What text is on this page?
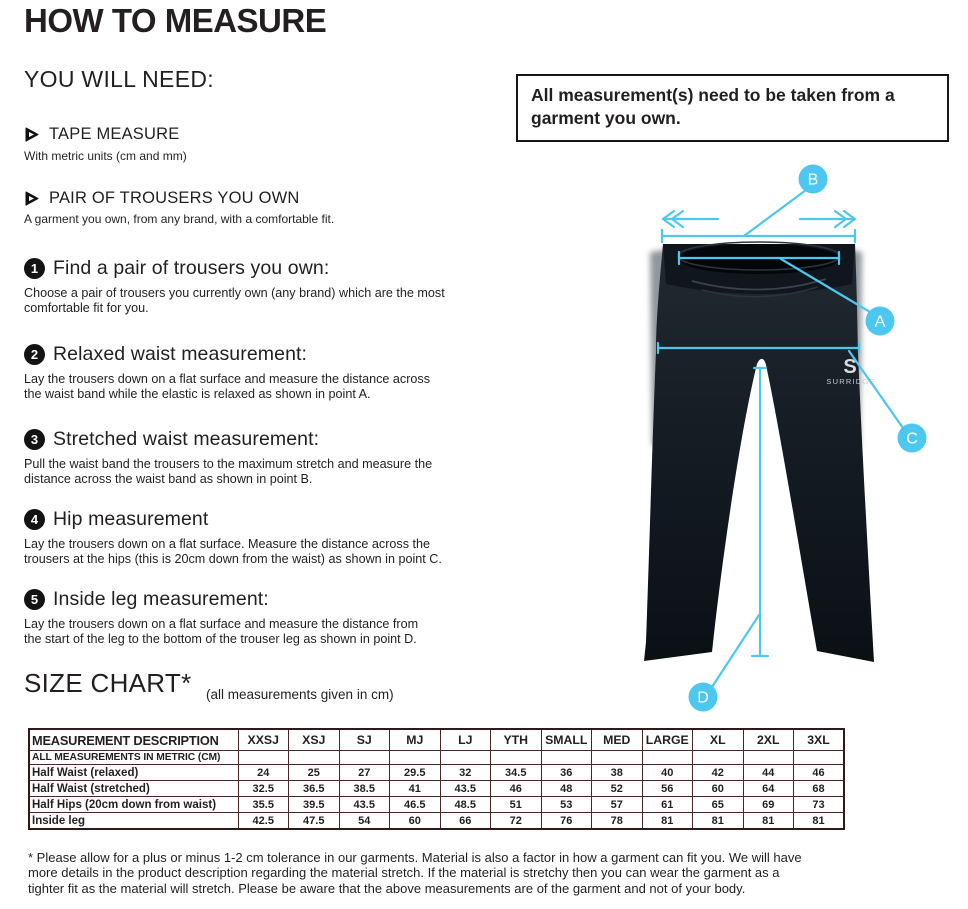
HOW TO MEASURE
YOU WILL NEED:
TAPE MEASURE
With metric units (cm and mm)
PAIR OF TROUSERS YOU OWN
A garment you own, from any brand, with a comfortable fit.
All measurement(s) need to be taken from a
garment you own.
1 Find a pair of trousers you own:
Choose a pair of trousers you currently own (any brand) which are the most
comfortable fit for you.
2 Relaxed waist measurement:
Lay the trousers down on a flat surface and measure the distance across
the waist band while the elastic is relaxed as shown in point A.
3 Stretched waist measurement:
Pull the waist band the trousers to the maximum stretch and measure the
distance across the waist band as shown in point B.
4 Hip measurement
Lay the trousers down on a flat surface. Measure the distance across the
trousers at the hips (this is 20cm down from the waist) as shown in point C.
5 Inside leg measurement:
Lay the trousers down on a flat surface and measure the distance from
the start of the leg to the bottom of the trouser leg as shown in point D.
S
SURRIDGE
B
A
C
D
SIZE CHART* (all measurements given in cm)
MEASUREMENT DESCRIPTION	XXSJ	XSJ	SJ	MJ	LJ	YTH	SMALL	MED	LARGE	XL	2XL	3XL
ALL MEASUREMENTS IN METRIC (CM)												
Half Waist (relaxed)	24	25	27	29.5	32	34.5	36	38	40	42	44	46
Half Waist (stretched)	32.5	36.5	38.5	41	43.5	46	48	52	56	60	64	68
Half Hips (20cm down from waist)	35.5	39.5	43.5	46.5	48.5	51	53	57	61	65	69	73
Inside leg	42.5	47.5	54	60	66	72	76	78	81	81	81	81
* Please allow for a plus or minus 1-2 cm tolerance in our garments. Material is also a factor in how a garment can fit you. We will have
more details in the product description regarding the material stretch. If the material is stretchy then you can wear the garment as a
tighter fit as the material will stretch. Please be aware that the above measurements are of the garment and not of your body.
